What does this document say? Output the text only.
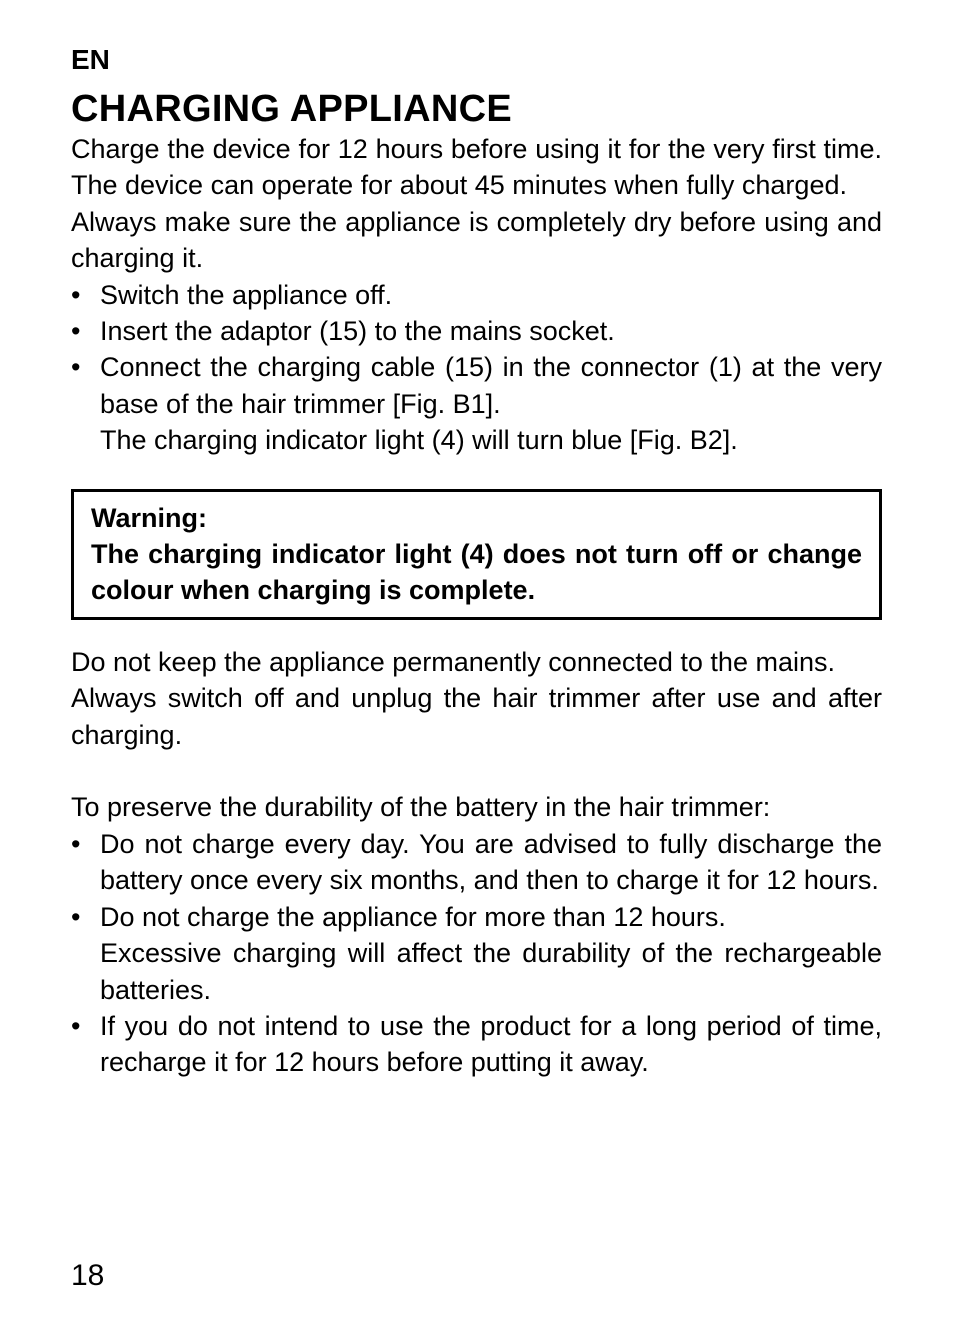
EN
CHARGING APPLIANCE

Charge the device for 12 hours before using it for the very first time. The device can operate for about 45 minutes when fully charged.

Always make sure the appliance is completely dry before using and charging it.

• Switch the appliance off.
• Insert the adaptor (15) to the mains socket.
• Connect the charging cable (15) in the connector (1) at the very base of the hair trimmer [Fig. B1].
The charging indicator light (4) will turn blue [Fig. B2].

Warning:

The charging indicator light (4) does not turn off or change colour when charging is complete.

Do not keep the appliance permanently connected to the mains.

Always switch off and unplug the hair trimmer after use and after charging.

To preserve the durability of the battery in the hair trimmer:

• Do not charge every day. You are advised to fully discharge the battery once every six months, and then to charge it for 12 hours.
• Do not charge the appliance for more than 12 hours.
Excessive charging will affect the durability of the rechargeable batteries.
• If you do not intend to use the product for a long period of time, recharge it for 12 hours before putting it away.
18
